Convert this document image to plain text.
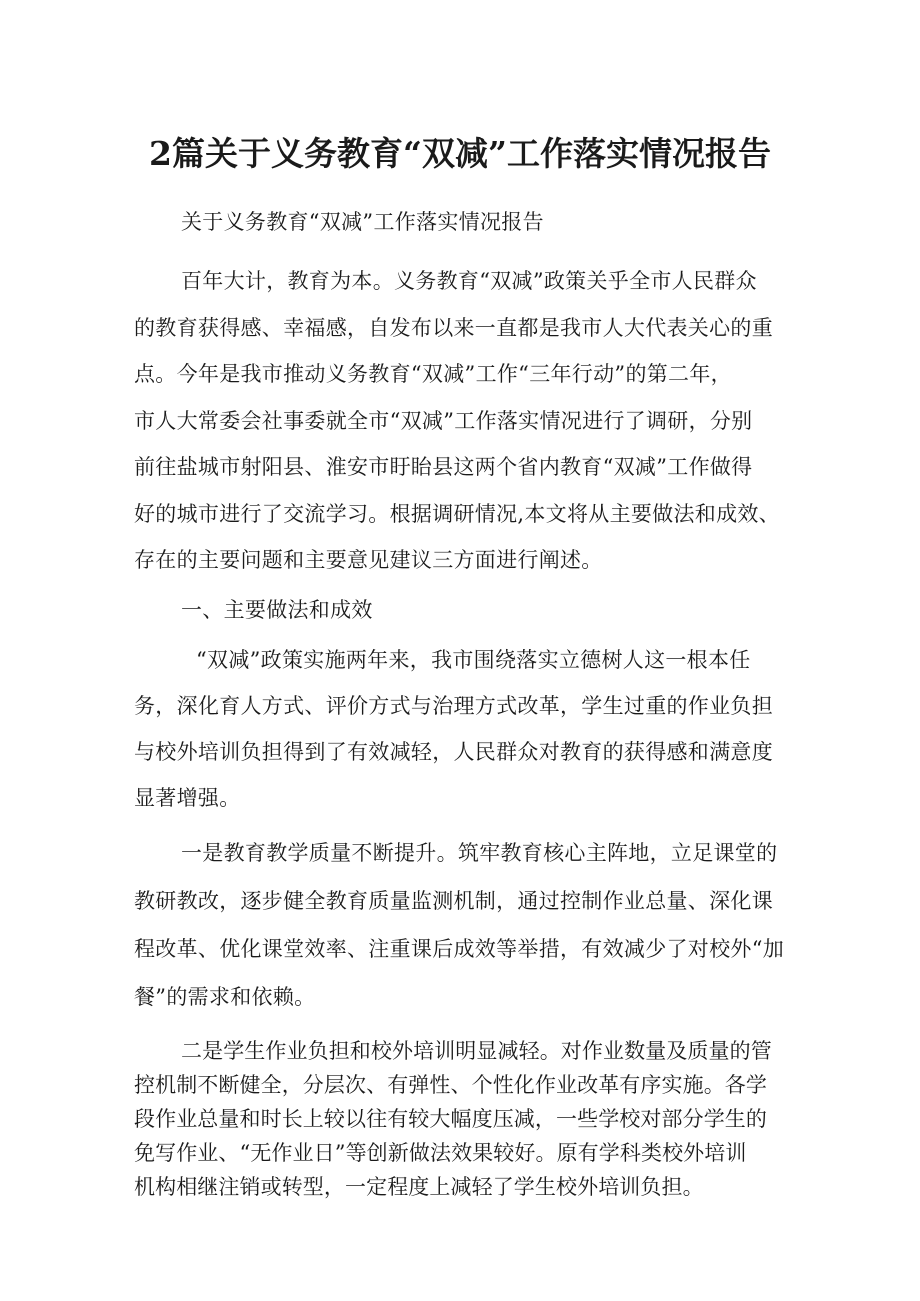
2篇关于义务教育“双减”工作落实情况报告

关于义务教育“双减”工作落实情况报告

百年大计，教育为本。义务教育“双减”政策关乎全市人民群众
的教育获得感、幸福感，自发布以来一直都是我市人大代表关心的重
点。今年是我市推动义务教育“双减”工作“三年行动”的第二年，
市人大常委会社事委就全市“双减”工作落实情况进行了调研，分别
前往盐城市射阳县、淮安市盱眙县这两个省内教育“双减”工作做得
好的城市进行了交流学习。根据调研情况,本文将从主要做法和成效、
存在的主要问题和主要意见建议三方面进行阐述。

一、主要做法和成效

“双减”政策实施两年来，我市围绕落实立德树人这一根本任
务，深化育人方式、评价方式与治理方式改革，学生过重的作业负担
与校外培训负担得到了有效减轻，人民群众对教育的获得感和满意度
显著增强。

一是教育教学质量不断提升。筑牢教育核心主阵地，立足课堂的
教研教改，逐步健全教育质量监测机制，通过控制作业总量、深化课
程改革、优化课堂效率、注重课后成效等举措，有效减少了对校外“加
餐”的需求和依赖。

二是学生作业负担和校外培训明显减轻。对作业数量及质量的管
控机制不断健全，分层次、有弹性、个性化作业改革有序实施。各学
段作业总量和时长上较以往有较大幅度压减，一些学校对部分学生的
免写作业、“无作业日”等创新做法效果较好。原有学科类校外培训
机构相继注销或转型，一定程度上减轻了学生校外培训负担。
